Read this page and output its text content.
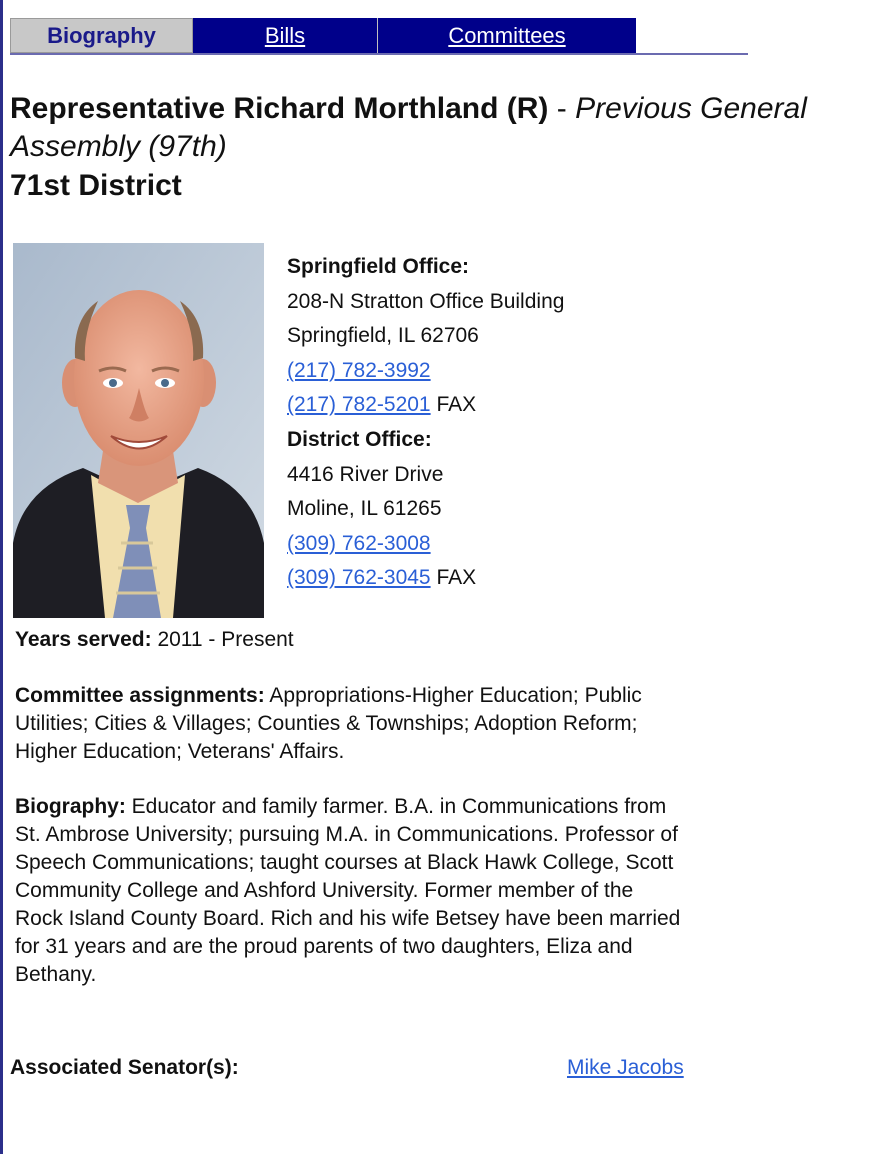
Biography	Bills	Committees
Representative Richard Morthland (R) - Previous General Assembly (97th)
71st District
Springfield Office:
208-N Stratton Office Building
Springfield, IL 62706
(217) 782-3992
(217) 782-5201 FAX
District Office:
4416 River Drive
Moline, IL 61265
(309) 762-3008
(309) 762-3045 FAX
Years served: 2011 - Present
Committee assignments: Appropriations-Higher Education; Public Utilities; Cities & Villages; Counties & Townships; Adoption Reform; Higher Education; Veterans' Affairs.
Biography: Educator and family farmer. B.A. in Communications from St. Ambrose University; pursuing M.A. in Communications. Professor of Speech Communications; taught courses at Black Hawk College, Scott Community College and Ashford University. Former member of the Rock Island County Board. Rich and his wife Betsey have been married for 31 years and are the proud parents of two daughters, Eliza and Bethany.
Associated Senator(s):	Mike Jacobs
